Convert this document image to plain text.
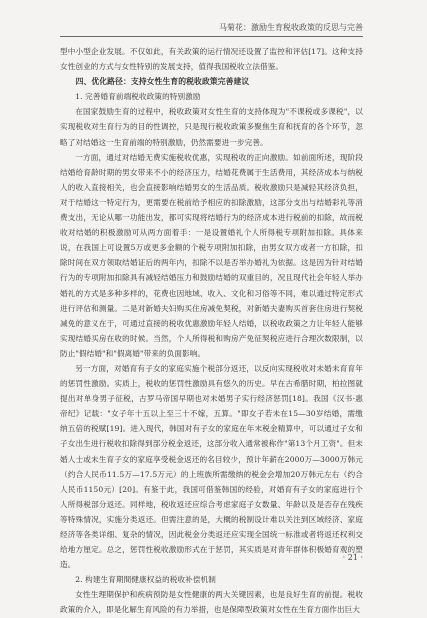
马菊花：激励生育税收政策的反思与完善

型中小型企业发展。不仅如此，有关政策的运行情况还设置了监控和评估[17]。这种支持女性创业的方式与女性特别的发展支持，值得我国税收立法借鉴。

四、优化路径：支持女性生育的税收政策完善建议
1. 完善婚育前端税收政策的特别激励

在国家鼓励生育的过程中，税收政策对女性生育的支持体现为"不课税或多课税"，以实现税收对生育行为的目的性调控，只是现行税收政策多聚焦生育和抚育的各个环节，忽略了对结婚这一生育前端的特别激励，仍然需要进一步完善。

一方面，通过对结婚无费实施税收优惠，实现税收的正向激励。如前面所述，现阶段结婚给育龄时期的男女带来不小的经济压力，结婚花费属于生活费用，其经济成本与纳税人的收入直接相关，也会直接影响结婚男女的生活品质。税收激励只是减轻其经济负担，对于结婚这一特定行为，更需要在税前给予相应的扣除激励，这部分支出与结婚彩礼等消费支出，无论从哪一功能出发，都可实现将结婚行为的经济成本进行税前的扣除，故而税收对结婚的积极激励可从两方面着手：一是设置婚礼个人所得税专项附加扣除。具体来说，在我国上可设置5万或更多金额的个税专项附加扣除，由男女双方或者一方扣除，扣除时间在双方领取结婚证后的两年内，扣除不以是否举办婚礼为依据。这是因为针对结婚行为的专项附加扣除具有减轻结婚压力和鼓励结婚的双重目的，况且现代社会年轻人举办婚礼的方式是多种多样的，花费也因地域、收入、文化和习俗等不同，难以通过特定形式进行评估和测量。二是对新婚夫妇购买住房减免契税，对新婚夫妻购买首套住房进行契税减免的意义在于，可通过直接的税收优惠激励年轻人结婚，以税收政策之力让年轻人能够实现结婚买房在收的时候。当然，个人所得税和购房产免征契税应进行合理次数限制，以防止"假结婚"和"假离婚"带来的负面影响。

另一方面，对婚育有子女的家庭实施个税部分返还，以反向实现税收对未婚未育育年的惩罚性激励。实质上，税收的惩罚性激励具有悠久的历史。早在古希腊时期，柏拉图就提出对单身男子征税，古罗马帝国早期也对未婚男子实行经济惩罚[18]。我国《汉书·惠帝纪》记载："女子年十五以上至三十不嫁，五算。"即女子若未在15—30岁结婚，需缴纳五倍的税赋[19]。进入现代，韩国对有子女的家庭在年末税金精算中，可以通过子女和子女出生进行税收扣除得到部分税金返还，这部分收入通常被称作"第13个月工资"。但未婚人士或未生育子女的家庭享受税金返还的名目较少，预计年薪在2000万—3000万韩元（约合人民币11.5万—17.5万元）的上班族所需缴纳的税金会增加20万韩元左右（约合人民币1150元）[20]。有鉴于此，我国可借鉴韩国的经验，对婚育有子女的家庭进行个人所得税部分返还。同样地，税收返还应综合考虑家庭子女数量、年龄以及是否存在残疾等特殊情况，实施分类返还。但需注意的是，大概的税制设计难以关注到区域经济、家庭经济等各类详细、复杂的情况，因此税金分类返还应实现全国统一标准或者将返还权利交给地方厘定。总之，惩罚性税收激励形式在于惩罚，其实质是对青年群体积极婚育观的塑造。

2. 构建生育期間健康权益的税收补偿机制

女性生理期保护和疾病预防是女性健康的两大关键因素，也是良好生育的前提。税收政策的介入，即是化解生育风险的有力举措，也是保障型政策对女性在生育方面作出巨大

· 21 ·
